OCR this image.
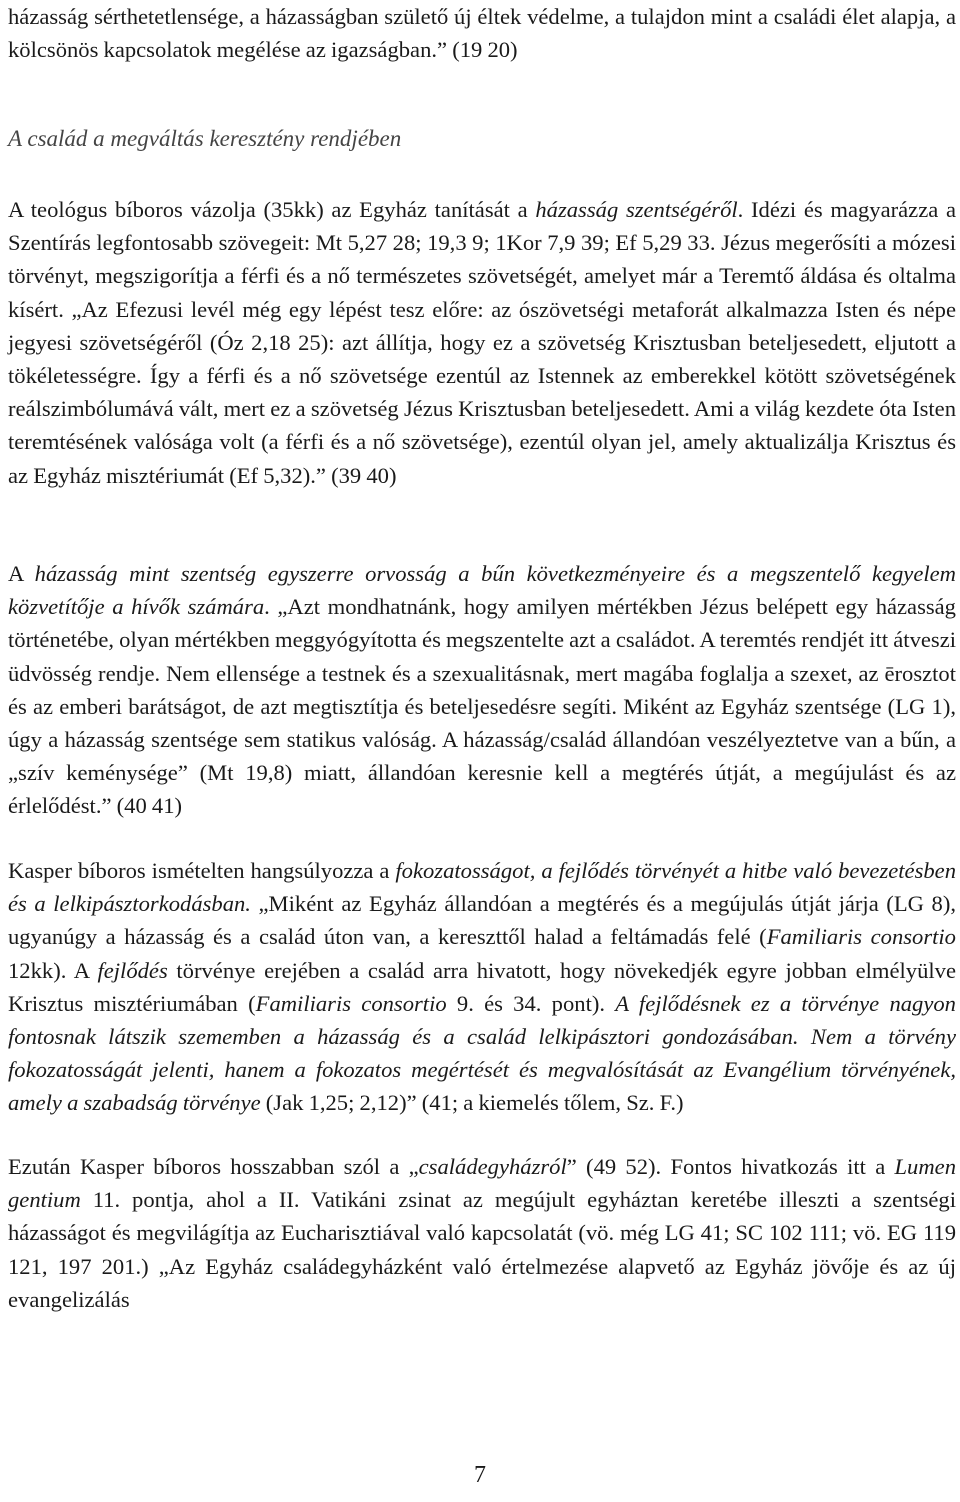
házasság sérthetetlensége, a házasságban születő új éltek védelme, a tulajdon mint a családi élet alapja, a kölcsönös kapcsolatok megélése az igazságban.” (19 20)

A család a megváltás keresztény rendjében

A teológus bíboros vázolja (35kk) az Egyház tanítását a házasság szentségéről. Idézi és magyarázza a Szentírás legfontosabb szövegeit: Mt 5,27 28; 19,3 9; 1Kor 7,9 39; Ef 5,29 33. Jézus megerősíti a mózesi törvényt, megszigorítja a férfi és a nő természetes szövetségét, amelyet már a Teremtő áldása és oltalma kísért. „Az Efezusi levél még egy lépést tesz előre: az ószövetségi metaforát alkalmazza Isten és népe jegyesi szövetségéről (Óz 2,18 25): azt állítja, hogy ez a szövetség Krisztusban beteljesedett, eljutott a tökéletességre. Így a férfi és a nő szövetsége ezentúl az Istennek az emberekkel kötött szövetségének reálszimbólumává vált, mert ez a szövetség Jézus Krisztusban beteljesedett. Ami a világ kezdete óta Isten teremtésének valósága volt (a férfi és a nő szövetsége), ezentúl olyan jel, amely aktualizálja Krisztus és az Egyház misztériumát (Ef 5,32).” (39 40)

A házasság mint szentség egyszerre orvosság a bűn következményeire és a megszentelő kegyelem közvetítője a hívők számára. „Azt mondhatnánk, hogy amilyen mértékben Jézus belépett egy házasság történetébe, olyan mértékben meggyógyította és megszentelte azt a családot. A teremtés rendjét itt átveszi üdvösség rendje. Nem ellensége a testnek és a szexualitásnak, mert magába foglalja a szexet, az ērosztot és az emberi barátságot, de azt megtisztítja és beteljesedésre segíti. Miként az Egyház szentsége (LG 1), úgy a házasság szentsége sem statikus valóság. A házasság/család állandóan veszélyeztetve van a bűn, a „szív keménysége” (Mt 19,8) miatt, állandóan keresnie kell a megtérés útját, a megújulást és az érlelődést.” (40 41)

Kasper bíboros ismételten hangsúlyozza a fokozatosságot, a fejlődés törvényét a hitbe való bevezetésben és a lelkipásztorkodásban. „Miként az Egyház állandóan a megtérés és a megújulás útját járja (LG 8), ugyanúgy a házasság és a család úton van, a kereszttől halad a feltámadás felé (Familiaris consortio 12kk). A fejlődés törvénye erejében a család arra hivatott, hogy növekedjék egyre jobban elmélyülve Krisztus misztériumában (Familiaris consortio 9. és 34. pont). A fejlődésnek ez a törvénye nagyon fontosnak látszik szememben a házasság és a család lelkipásztori gondozásában. Nem a törvény fokozatosságát jelenti, hanem a fokozatos megértését és megvalósítását az Evangélium törvényének, amely a szabadság törvénye (Jak 1,25; 2,12)” (41; a kiemelés tőlem, Sz. F.)

Ezután Kasper bíboros hosszabban szól a „családegyházról” (49 52). Fontos hivatkozás itt a Lumen gentium 11. pontja, ahol a II. Vatikáni zsinat az megújult egyháztan keretébe illeszti a szentségi házasságot és megvilágítja az Eucharisztiával való kapcsolatát (vö. még LG 41; SC 102 111; vö. EG 119 121, 197 201.) „Az Egyház családegyházként való értelmezése alapvető az Egyház jövője és az új evangelizálás

7
